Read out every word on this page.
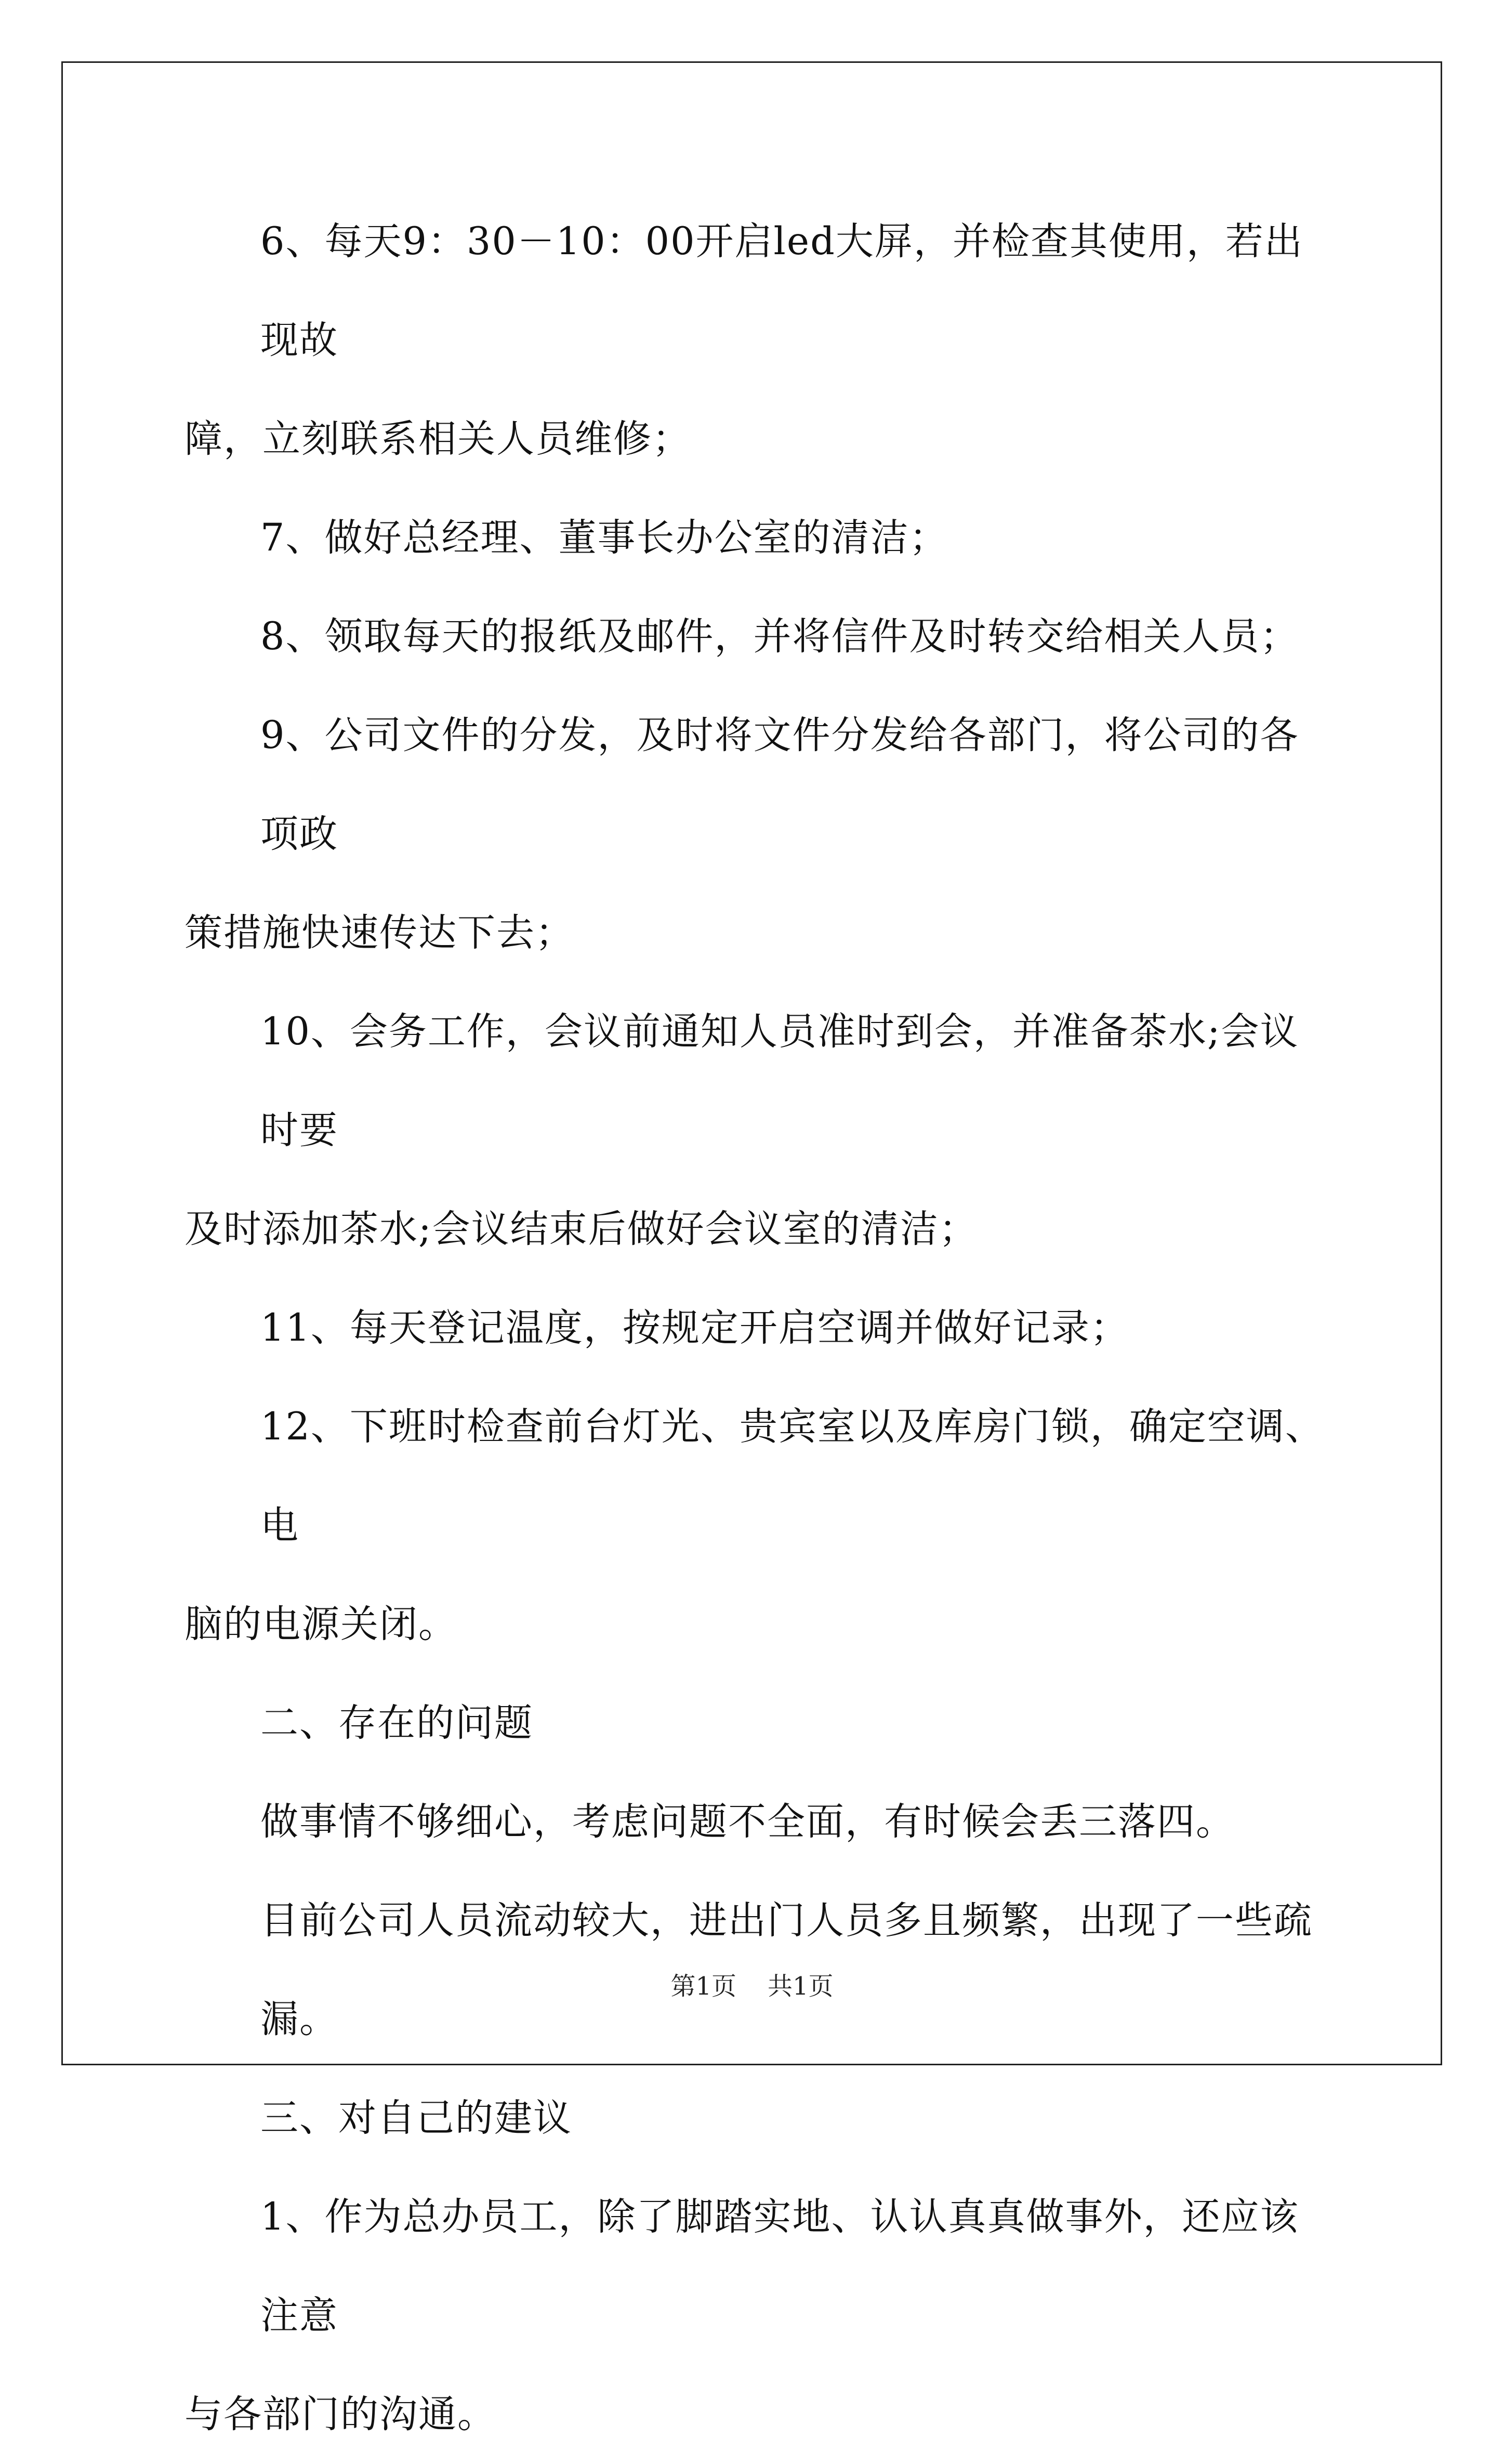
6、每天9：30－10：00开启led大屏，并检查其使用，若出现故
障，立刻联系相关人员维修；

7、做好总经理、董事长办公室的清洁；

8、领取每天的报纸及邮件，并将信件及时转交给相关人员；

9、公司文件的分发，及时将文件分发给各部门，将公司的各项政
策措施快速传达下去；

10、会务工作，会议前通知人员准时到会，并准备茶水;会议时要
及时添加茶水;会议结束后做好会议室的清洁；

11、每天登记温度，按规定开启空调并做好记录；

12、下班时检查前台灯光、贵宾室以及库房门锁，确定空调、电
脑的电源关闭。

二、存在的问题

做事情不够细心，考虑问题不全面，有时候会丢三落四。

目前公司人员流动较大，进出门人员多且频繁，出现了一些疏漏。

三、对自己的建议

1、作为总办员工，除了脚踏实地、认认真真做事外，还应该注意
与各部门的沟通。

第1页 共1页
